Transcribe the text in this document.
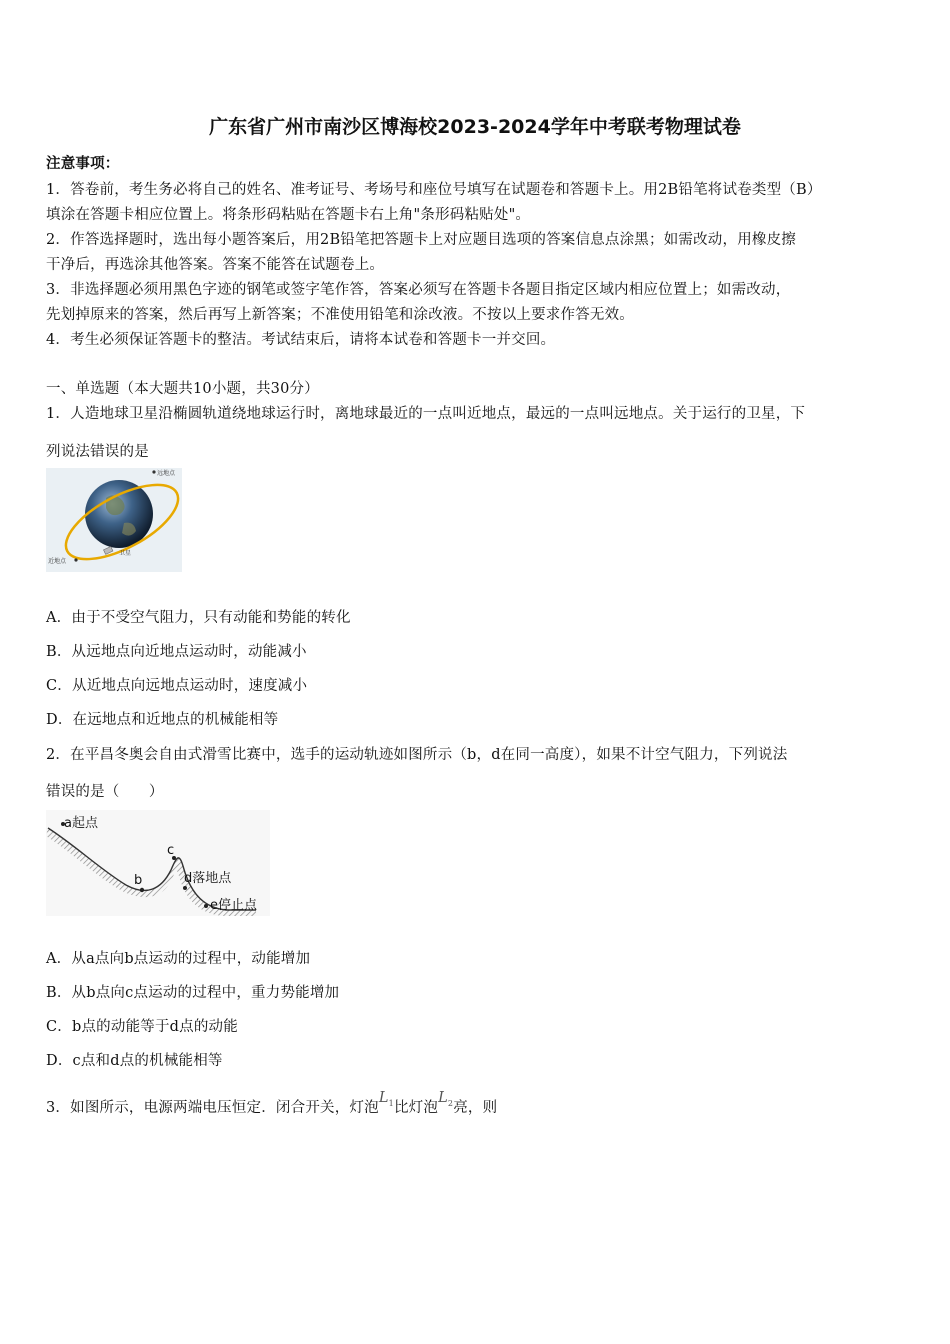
广东省广州市南沙区博海校2023-2024学年中考联考物理试卷
注意事项：
1．答卷前，考生务必将自己的姓名、准考证号、考场号和座位号填写在试题卷和答题卡上。用2B铅笔将试卷类型（B）
填涂在答题卡相应位置上。将条形码粘贴在答题卡右上角"条形码粘贴处"。
2．作答选择题时，选出每小题答案后，用2B铅笔把答题卡上对应题目选项的答案信息点涂黑；如需改动，用橡皮擦
干净后，再选涂其他答案。答案不能答在试题卷上。
3．非选择题必须用黑色字迹的钢笔或签字笔作答，答案必须写在答题卡各题目指定区域内相应位置上；如需改动，
先划掉原来的答案，然后再写上新答案；不准使用铅笔和涂改液。不按以上要求作答无效。
4．考生必须保证答题卡的整洁。考试结束后，请将本试卷和答题卡一并交回。
一、单选题（本大题共10小题，共30分）
1．人造地球卫星沿椭圆轨道绕地球运行时，离地球最近的一点叫近地点，最远的一点叫远地点。关于运行的卫星，下
列说法错误的是
远地点
近地点
卫星
A．由于不受空气阻力，只有动能和势能的转化
B．从远地点向近地点运动时，动能减小
C．从近地点向远地点运动时，速度减小
D．在远地点和近地点的机械能相等
2．在平昌冬奥会自由式滑雪比赛中，选手的运动轨迹如图所示（b，d在同一高度），如果不计空气阻力，下列说法
错误的是（　　）
a起点
b
c
d落地点
e停止点
A．从a点向b点运动的过程中，动能增加
B．从b点向c点运动的过程中，重力势能增加
C．b点的动能等于d点的动能
D．c点和d点的机械能相等
3．如图所示，电源两端电压恒定．闭合开关，灯泡$L_1$比灯泡$L_2$亮，则
